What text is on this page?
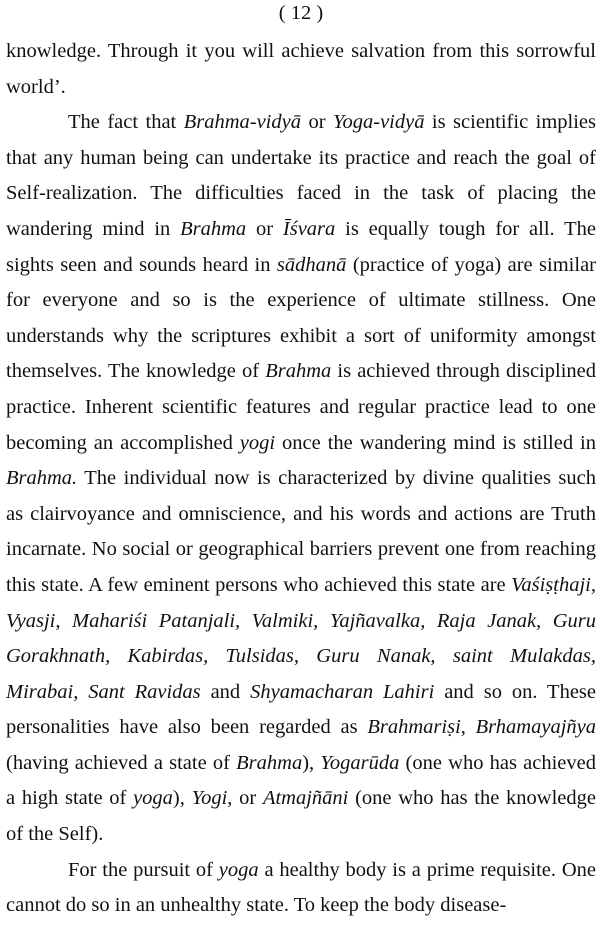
( 12 )

knowledge. Through it you will achieve salvation from this sorrowful world’.

The fact that Brahma-vidyā or Yoga-vidyā is scientific implies that any human being can undertake its practice and reach the goal of Self-realization. The difficulties faced in the task of placing the wandering mind in Brahma or Īśvara is equally tough for all. The sights seen and sounds heard in sādhanā (practice of yoga) are similar for everyone and so is the experience of ultimate stillness. One understands why the scriptures exhibit a sort of uniformity amongst themselves. The knowledge of Brahma is achieved through disciplined practice. Inherent scientific features and regular practice lead to one becoming an accomplished yogi once the wandering mind is stilled in Brahma. The individual now is characterized by divine qualities such as clairvoyance and omniscience, and his words and actions are Truth incarnate. No social or geographical barriers prevent one from reaching this state. A few eminent persons who achieved this state are Vaśiṣṭhaji, Vyasji, Mahariśi Patanjali, Valmiki, Yajñavalka, Raja Janak, Guru Gorakhnath, Kabirdas, Tulsidas, Guru Nanak, saint Mulakdas, Mirabai, Sant Ravidas and Shyamacharan Lahiri and so on. These personalities have also been regarded as Brahmariṣi, Brhamayajñya (having achieved a state of Brahma), Yogarūda (one who has achieved a high state of yoga), Yogi, or Atmajñāni (one who has the knowledge of the Self).

For the pursuit of yoga a healthy body is a prime requisite. One cannot do so in an unhealthy state. To keep the body disease-
